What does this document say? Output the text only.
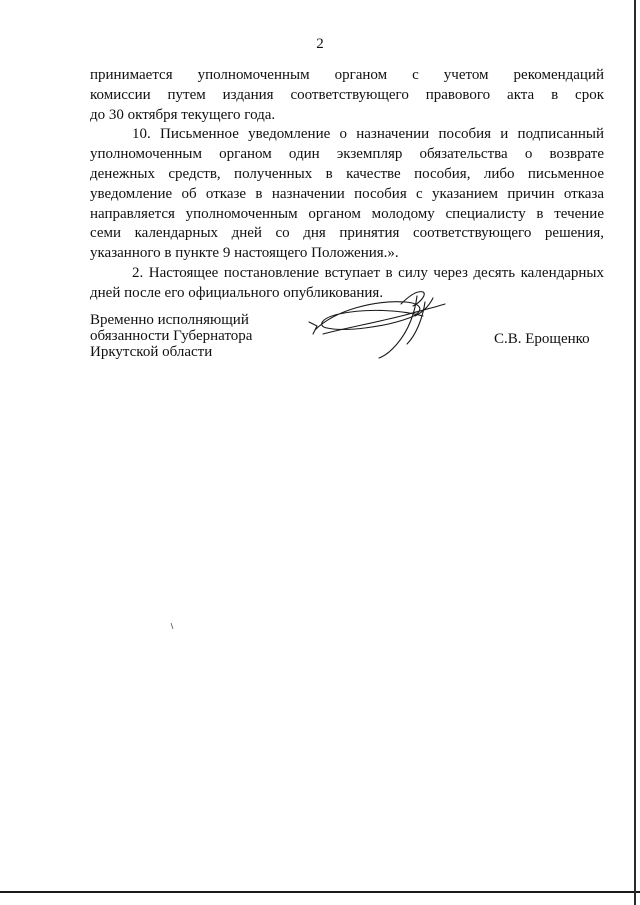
2

принимается уполномоченным органом с учетом рекомендаций
комиссии путем издания соответствующего правового акта в срок
до 30 октября текущего года.

10. Письменное уведомление о назначении пособия и подписанный
уполномоченным органом один экземпляр обязательства о возврате
денежных средств, полученных в качестве пособия, либо письменное
уведомление об отказе в назначении пособия с указанием причин отказа
направляется уполномоченным органом молодому специалисту в течение
семи календарных дней со дня принятия соответствующего решения,
указанного в пункте 9 настоящего Положения.».

2. Настоящее постановление вступает в силу через десять календарных
дней после его официального опубликования.

Временно исполняющий
обязанности Губернатора
Иркутской области
С.В. Ерощенко
